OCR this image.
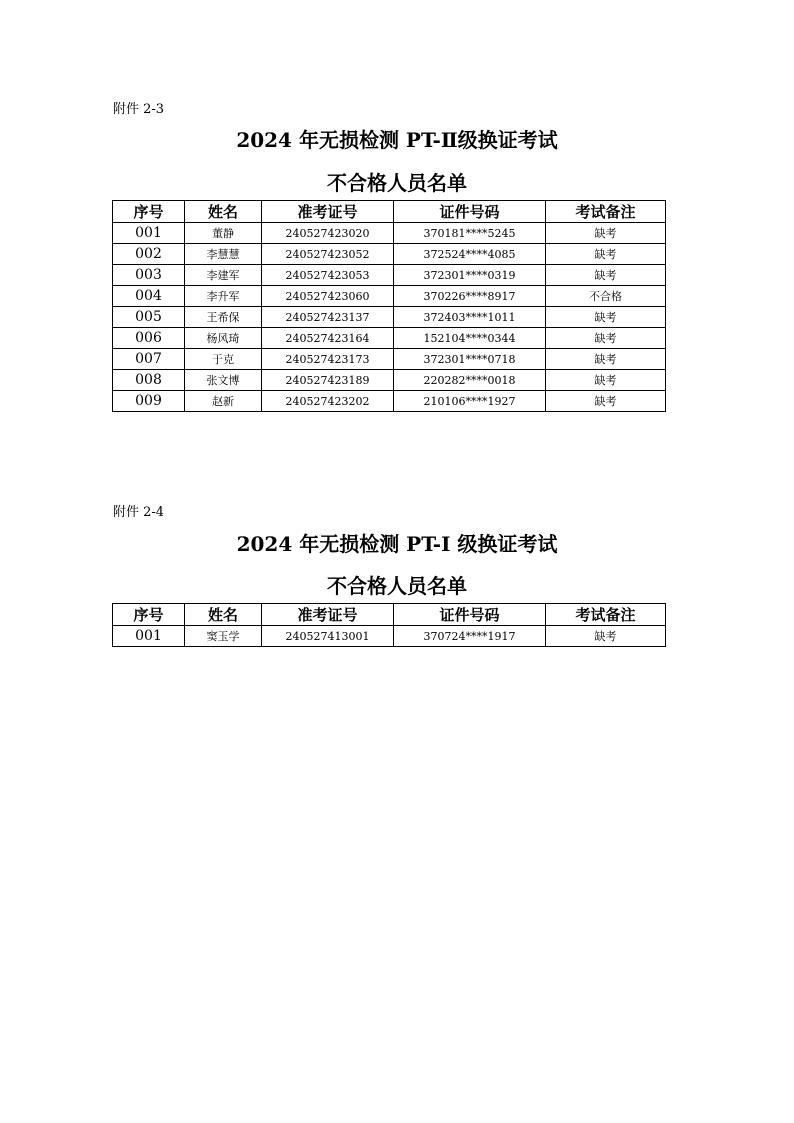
附件 2-3
2024 年无损检测 PT-Ⅱ级换证考试
不合格人员名单
序号	姓名	准考证号	证件号码	考试备注
001	董静	240527423020	370181****5245	缺考
002	李慧慧	240527423052	372524****4085	缺考
003	李建军	240527423053	372301****0319	缺考
004	李升军	240527423060	370226****8917	不合格
005	王希保	240527423137	372403****1011	缺考
006	杨风琦	240527423164	152104****0344	缺考
007	于克	240527423173	372301****0718	缺考
008	张文博	240527423189	220282****0018	缺考
009	赵新	240527423202	210106****1927	缺考
附件 2-4
2024 年无损检测 PT-I 级换证考试
不合格人员名单
序号	姓名	准考证号	证件号码	考试备注
001	窦玉学	240527413001	370724****1917	缺考
